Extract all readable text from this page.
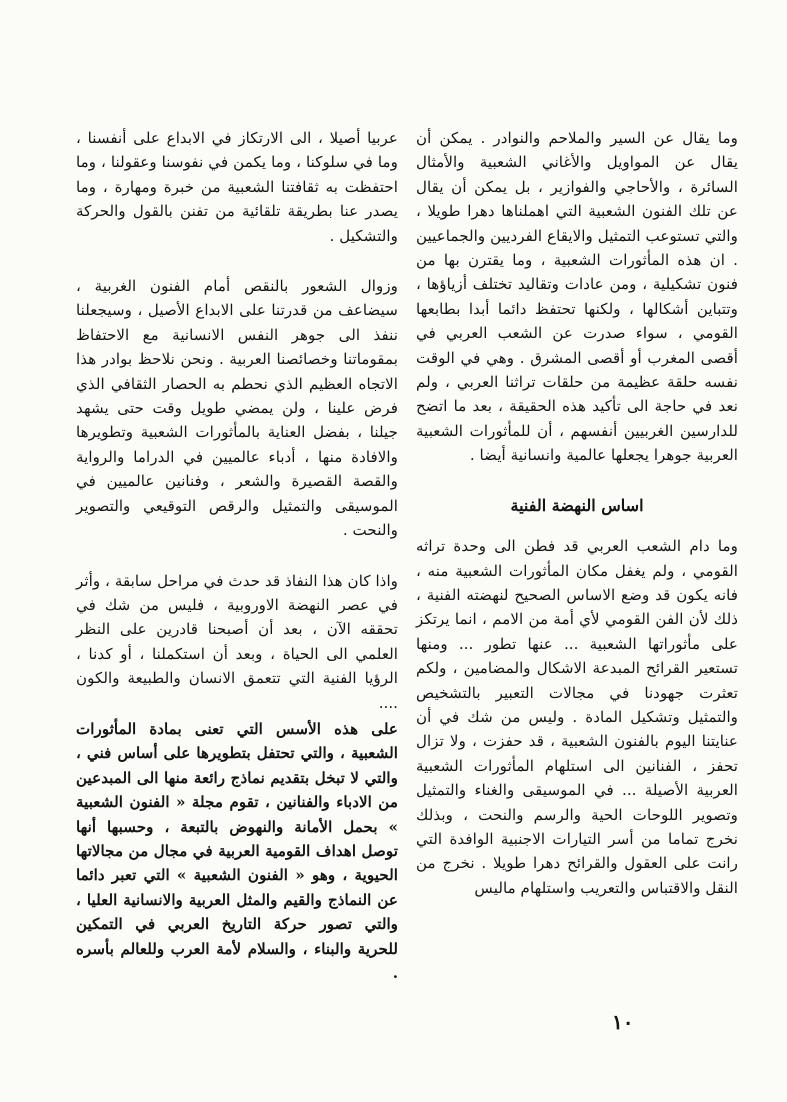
وما يقال عن السير والملاحم والنوادر . يمكن أن يقال عن المواويل والأغاني الشعبية والأمثال السائرة ، والأحاجي والفوازير ، بل يمكن أن يقال عن تلك الفنون الشعبية التي اهملناها دهرا طويلا ، والتي تستوعب التمثيل والايقاع الفرديين والجماعيين . ان هذه المأثورات الشعبية ، وما يقترن بها من فنون تشكيلية ، ومن عادات وتقاليد تختلف أزياؤها ، وتتباين أشكالها ، ولكنها تحتفظ دائما أبدا بطابعها القومي ، سواء صدرت عن الشعب العربي في أقصى المغرب أو أقصى المشرق . وهي في الوقت نفسه حلقة عظيمة من حلقات تراثنا العربي ، ولم نعد في حاجة الى تأكيد هذه الحقيقة ، بعد ما اتضح للدارسين الغربيين أنفسهم ، أن للمأثورات الشعبية العربية جوهرا يجعلها عالمية وانسانية أيضا .

اساس النهضة الفنية

وما دام الشعب العربي قد فطن الى وحدة تراثه القومي ، ولم يغفل مكان المأثورات الشعبية منه ، فانه يكون قد وضع الاساس الصحيح لنهضته الفنية ، ذلك لأن الفن القومي لأي أمة من الامم ، انما يرتكز على مأثوراتها الشعبية ... عنها تطور ... ومنها تستعير القرائح المبدعة الاشكال والمضامين ، ولكم تعثرت جهودنا في مجالات التعبير بالتشخيص والتمثيل وتشكيل المادة . وليس من شك في أن عنايتنا اليوم بالفنون الشعبية ، قد حفزت ، ولا تزال تحفز ، الفنانين الى استلهام المأثورات الشعبية العربية الأصيلة ... في الموسيقى والغناء والتمثيل وتصوير اللوحات الحية والرسم والنحت ، وبذلك نخرج تماما من أسر التيارات الاجنبية الوافدة التي رانت على العقول والقرائح دهرا طويلا . نخرج من النقل والاقتباس والتعريب واستلهام ماليس

عربيا أصيلا ، الى الارتكاز في الابداع على أنفسنا ، وما في سلوكنا ، وما يكمن في نفوسنا وعقولنا ، وما احتفظت به ثقافتنا الشعبية من خبرة ومهارة ، وما يصدر عنا بطريقة تلقائية من تفنن بالقول والحركة والتشكيل .

وزوال الشعور بالنقص أمام الفنون الغربية ، سيضاعف من قدرتنا على الابداع الأصيل ، وسيجعلنا ننفذ الى جوهر النفس الانسانية مع الاحتفاظ بمقوماتنا وخصائصنا العربية . ونحن نلاحظ بوادر هذا الاتجاه العظيم الذي نحطم به الحصار الثقافي الذي فرض علينا ، ولن يمضي طويل وقت حتى يشهد جيلنا ، بفضل العناية بالمأثورات الشعبية وتطويرها والافادة منها ، أدباء عالميين في الدراما والرواية والقصة القصيرة والشعر ، وفنانين عالميين في الموسيقى والتمثيل والرقص التوقيعي والتصوير والنحت .

واذا كان هذا النفاذ قد حدث في مراحل سابقة ، وأثر في عصر النهضة الاوروبية ، فليس من شك في تحققه الآن ، بعد أن أصبحنا قادرين على النظر العلمي الى الحياة ، وبعد أن استكملنا ، أو كدنا ، الرؤيا الفنية التي تتعمق الانسان والطبيعة والكون ....

على هذه الأسس التي تعنى بمادة المأثورات الشعبية ، والتي تحتفل بتطويرها على أساس فني ، والتي لا تبخل بتقديم نماذج رائعة منها الى المبدعين من الادباء والفنانين ، تقوم مجلة « الفنون الشعبية » بحمل الأمانة والنهوض بالتبعة ، وحسبها أنها توصل اهداف القومية العربية في مجال من مجالاتها الحيوية ، وهو « الفنون الشعبية » التي تعبر دائما عن النماذج والقيم والمثل العربية والانسانية العليا ، والتي تصور حركة التاريخ العربي في التمكين للحرية والبناء ، والسلام لأمة العرب وللعالم بأسره .

١٠
